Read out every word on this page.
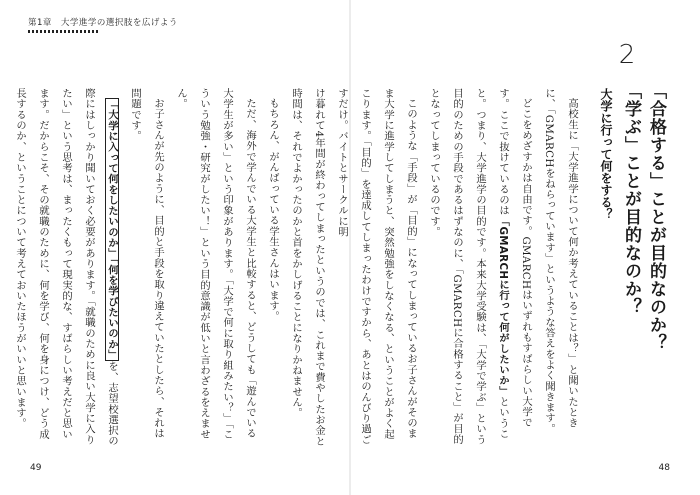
第1章　大学進学の選択肢を広げよう
2
「合格する」ことが目的なのか？
「学ぶ」ことが目的なのか？
大学に行って何をする？

高校生に「大学進学について何か考えていることは？」と聞いたときに、「GMARCHをねらっています」というような答えをよく聞きます。

どこをめざすかは自由です。GMARCHはいずれもすばらしい大学です。ここで抜けているのは「GMARCHに行って何がしたいか」ということ。つまり、大学進学の目的です。本来大学受験は、「大学で学ぶ」という目的のための手段であるはずなのに、「GMARCHに合格すること」が目的となってしまっているのです。

このような「手段」が「目的」になってしまっているお子さんがそのまま大学に進学してしまうと、突然勉強をしなくなる、ということがよく起こります。「目的」を達成してしまったわけですから、あとはのんびり過ごすだけ。バイトとサークルに明

け暮れて4年間が終わってしまったというのでは、これまで費やしたお金と時間は、それでよかったのかと首をかしげることになりかねません。

もちろん、がんばっている学生さんはいます。

ただ、海外で学んでいる大学生と比較すると、どうしても「遊んでいる大学生が多い」という印象があります。「大学で何に取り組みたい？」「こういう勉強・研究がしたい！」という目的意識が低いと言わざるをえません。

お子さんが先のように、目的と手段を取り違えていたとしたら、それは問題です。

「大学に入って何をしたいのか」「何を学びたいのか」を、志望校選択の際にはしっかり聞いておく必要があります。「就職のために良い大学に入りたい」という思考は、まったくもって現実的な、すばらしい考えだと思います。だからこそ、その就職のために、何を学び、何を身につけ、どう成長するのか、ということについて考えておいたほうがいいと思います。

49	48
